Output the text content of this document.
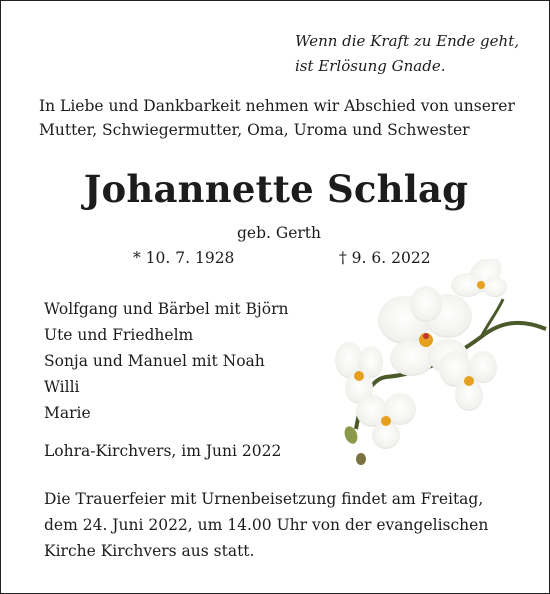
Wenn die Kraft zu Ende geht,
ist Erlösung Gnade.
In Liebe und Dankbarkeit nehmen wir Abschied von unserer
Mutter, Schwiegermutter, Oma, Uroma und Schwester
Johannette Schlag
geb. Gerth
* 10. 7. 1928	† 9. 6. 2022
Wolfgang und Bärbel mit Björn
Ute und Friedhelm
Sonja und Manuel mit Noah
Willi
Marie
Lohra-Kirchvers, im Juni 2022
Die Trauerfeier mit Urnenbeisetzung findet am Freitag,
dem 24. Juni 2022, um 14.00 Uhr von der evangelischen
Kirche Kirchvers aus statt.
